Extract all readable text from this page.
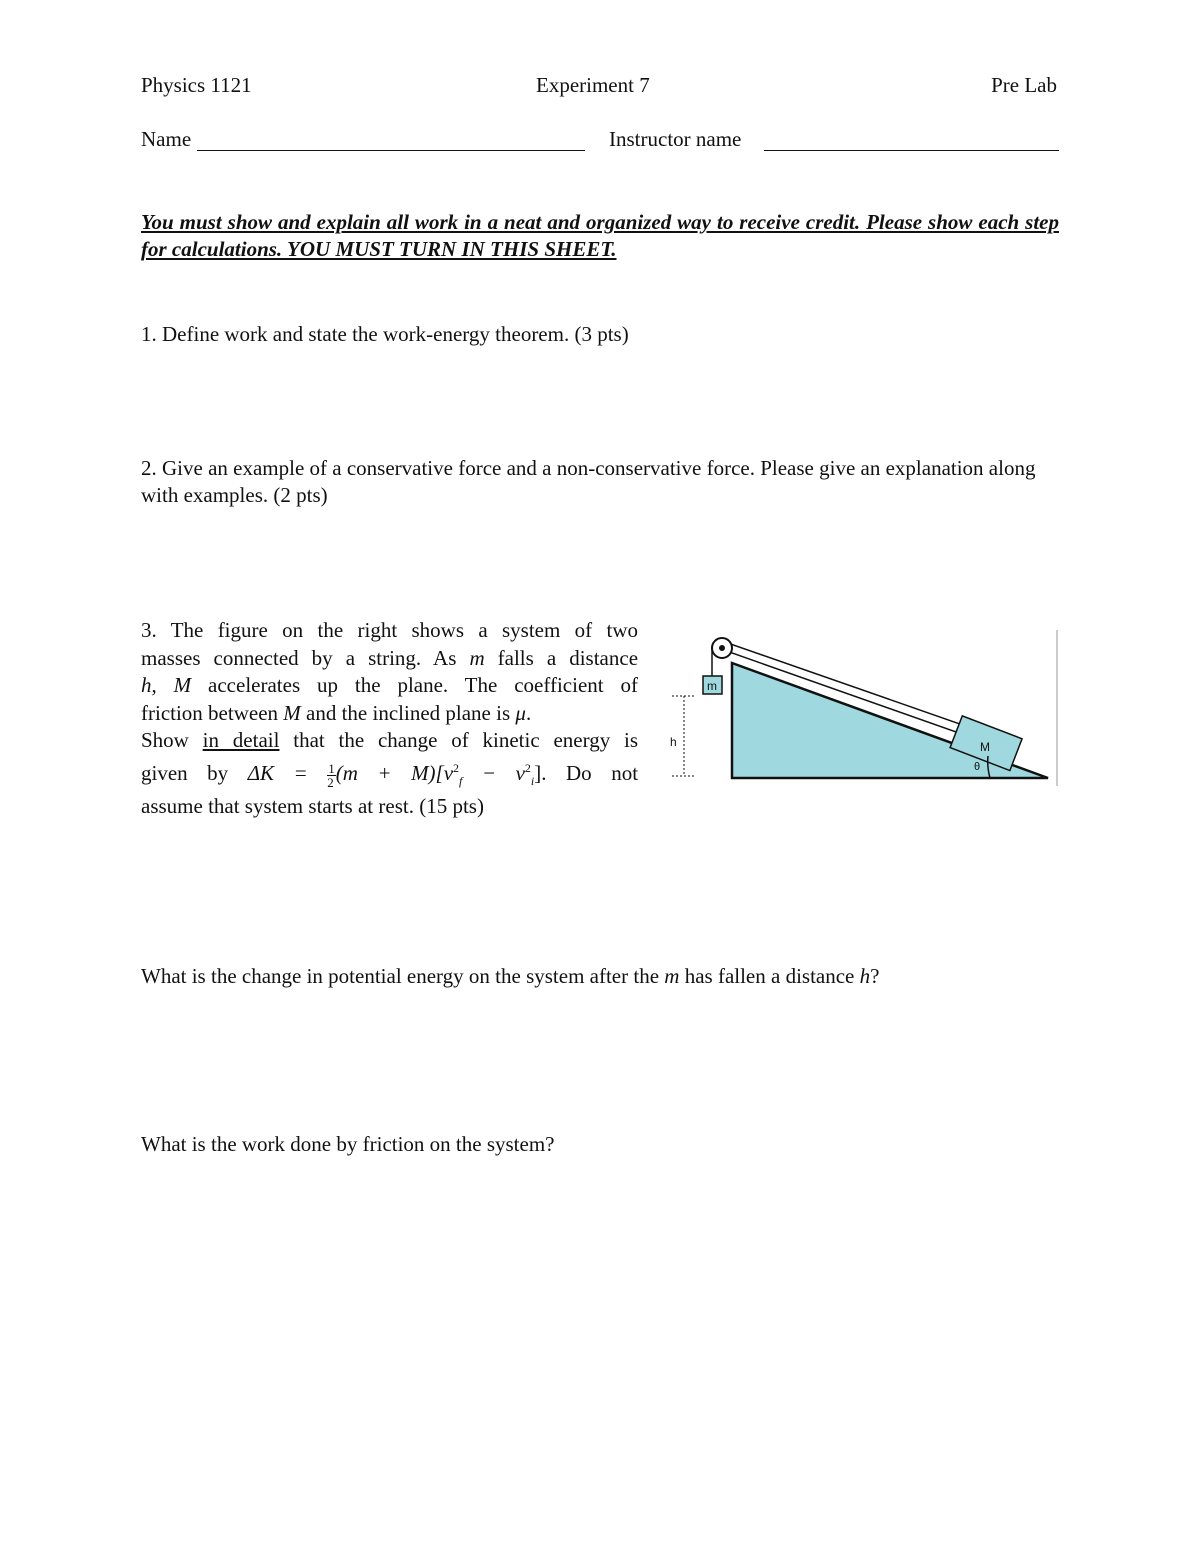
Physics 1121	Experiment 7	Pre Lab
Name	Instructor name
You must show and explain all work in a neat and organized way to receive credit. Please show each step for calculations. YOU MUST TURN IN THIS SHEET.
1. Define work and state the work-energy theorem. (3 pts)
2. Give an example of a conservative force and a non-conservative force. Please give an explanation along with examples. (2 pts)
3. The figure on the right shows a system of two
masses connected by a string. As m falls a distance
h, M accelerates up the plane. The coefficient of
friction between M and the inclined plane is μ.
Show in detail that the change of kinetic energy is
given by $\Delta K = \frac{1}{2} (m + M)[v^2_f - v^2_i]$. Do not
assume that system starts at rest. (15 pts)
M
θ
m
h
What is the change in potential energy on the system after the m has fallen a distance h?
What is the work done by friction on the system?
